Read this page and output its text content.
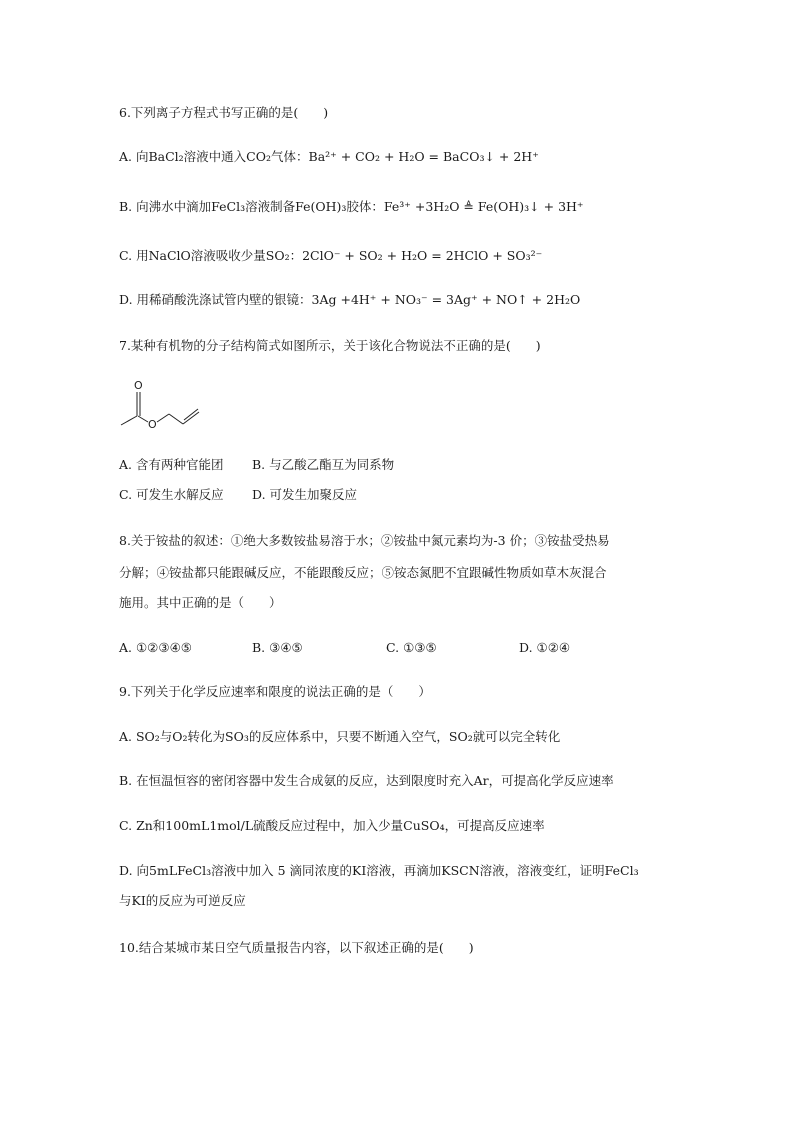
6.下列离子方程式书写正确的是(　　)
A. 向BaCl₂溶液中通入CO₂气体：Ba²⁺ + CO₂ + H₂O = BaCO₃↓ + 2H⁺
B. 向沸水中滴加FeCl₃溶液制备Fe(OH)₃胶体：Fe³⁺ +3H₂O ≜ Fe(OH)₃↓ + 3H⁺
C. 用NaClO溶液吸收少量SO₂：2ClO⁻ + SO₂ + H₂O = 2HClO + SO₃²⁻
D. 用稀硝酸洗涤试管内壁的银镜：3Ag +4H⁺ + NO₃⁻ = 3Ag⁺ + NO↑ + 2H₂O
7.某种有机物的分子结构简式如图所示，关于该化合物说法不正确的是(　　)
O
O
A. 含有两种官能团 B. 与乙酸乙酯互为同系物
C. 可发生水解反应 D. 可发生加聚反应
8.关于铵盐的叙述：①绝大多数铵盐易溶于水；②铵盐中氮元素均为-3 价；③铵盐受热易
分解；④铵盐都只能跟碱反应，不能跟酸反应；⑤铵态氮肥不宜跟碱性物质如草木灰混合
施用。其中正确的是（　　）
A. ①②③④⑤	B. ③④⑤	C. ①③⑤	D. ①②④
9.下列关于化学反应速率和限度的说法正确的是（　　）
A. SO₂与O₂转化为SO₃的反应体系中，只要不断通入空气，SO₂就可以完全转化
B. 在恒温恒容的密闭容器中发生合成氨的反应，达到限度时充入Ar，可提高化学反应速率
C. Zn和100mL1mol/L硫酸反应过程中，加入少量CuSO₄，可提高反应速率
D. 向5mLFeCl₃溶液中加入 5 滴同浓度的KI溶液，再滴加KSCN溶液，溶液变红，证明FeCl₃
与KI的反应为可逆反应
10.结合某城市某日空气质量报告内容，以下叙述正确的是(　　)
